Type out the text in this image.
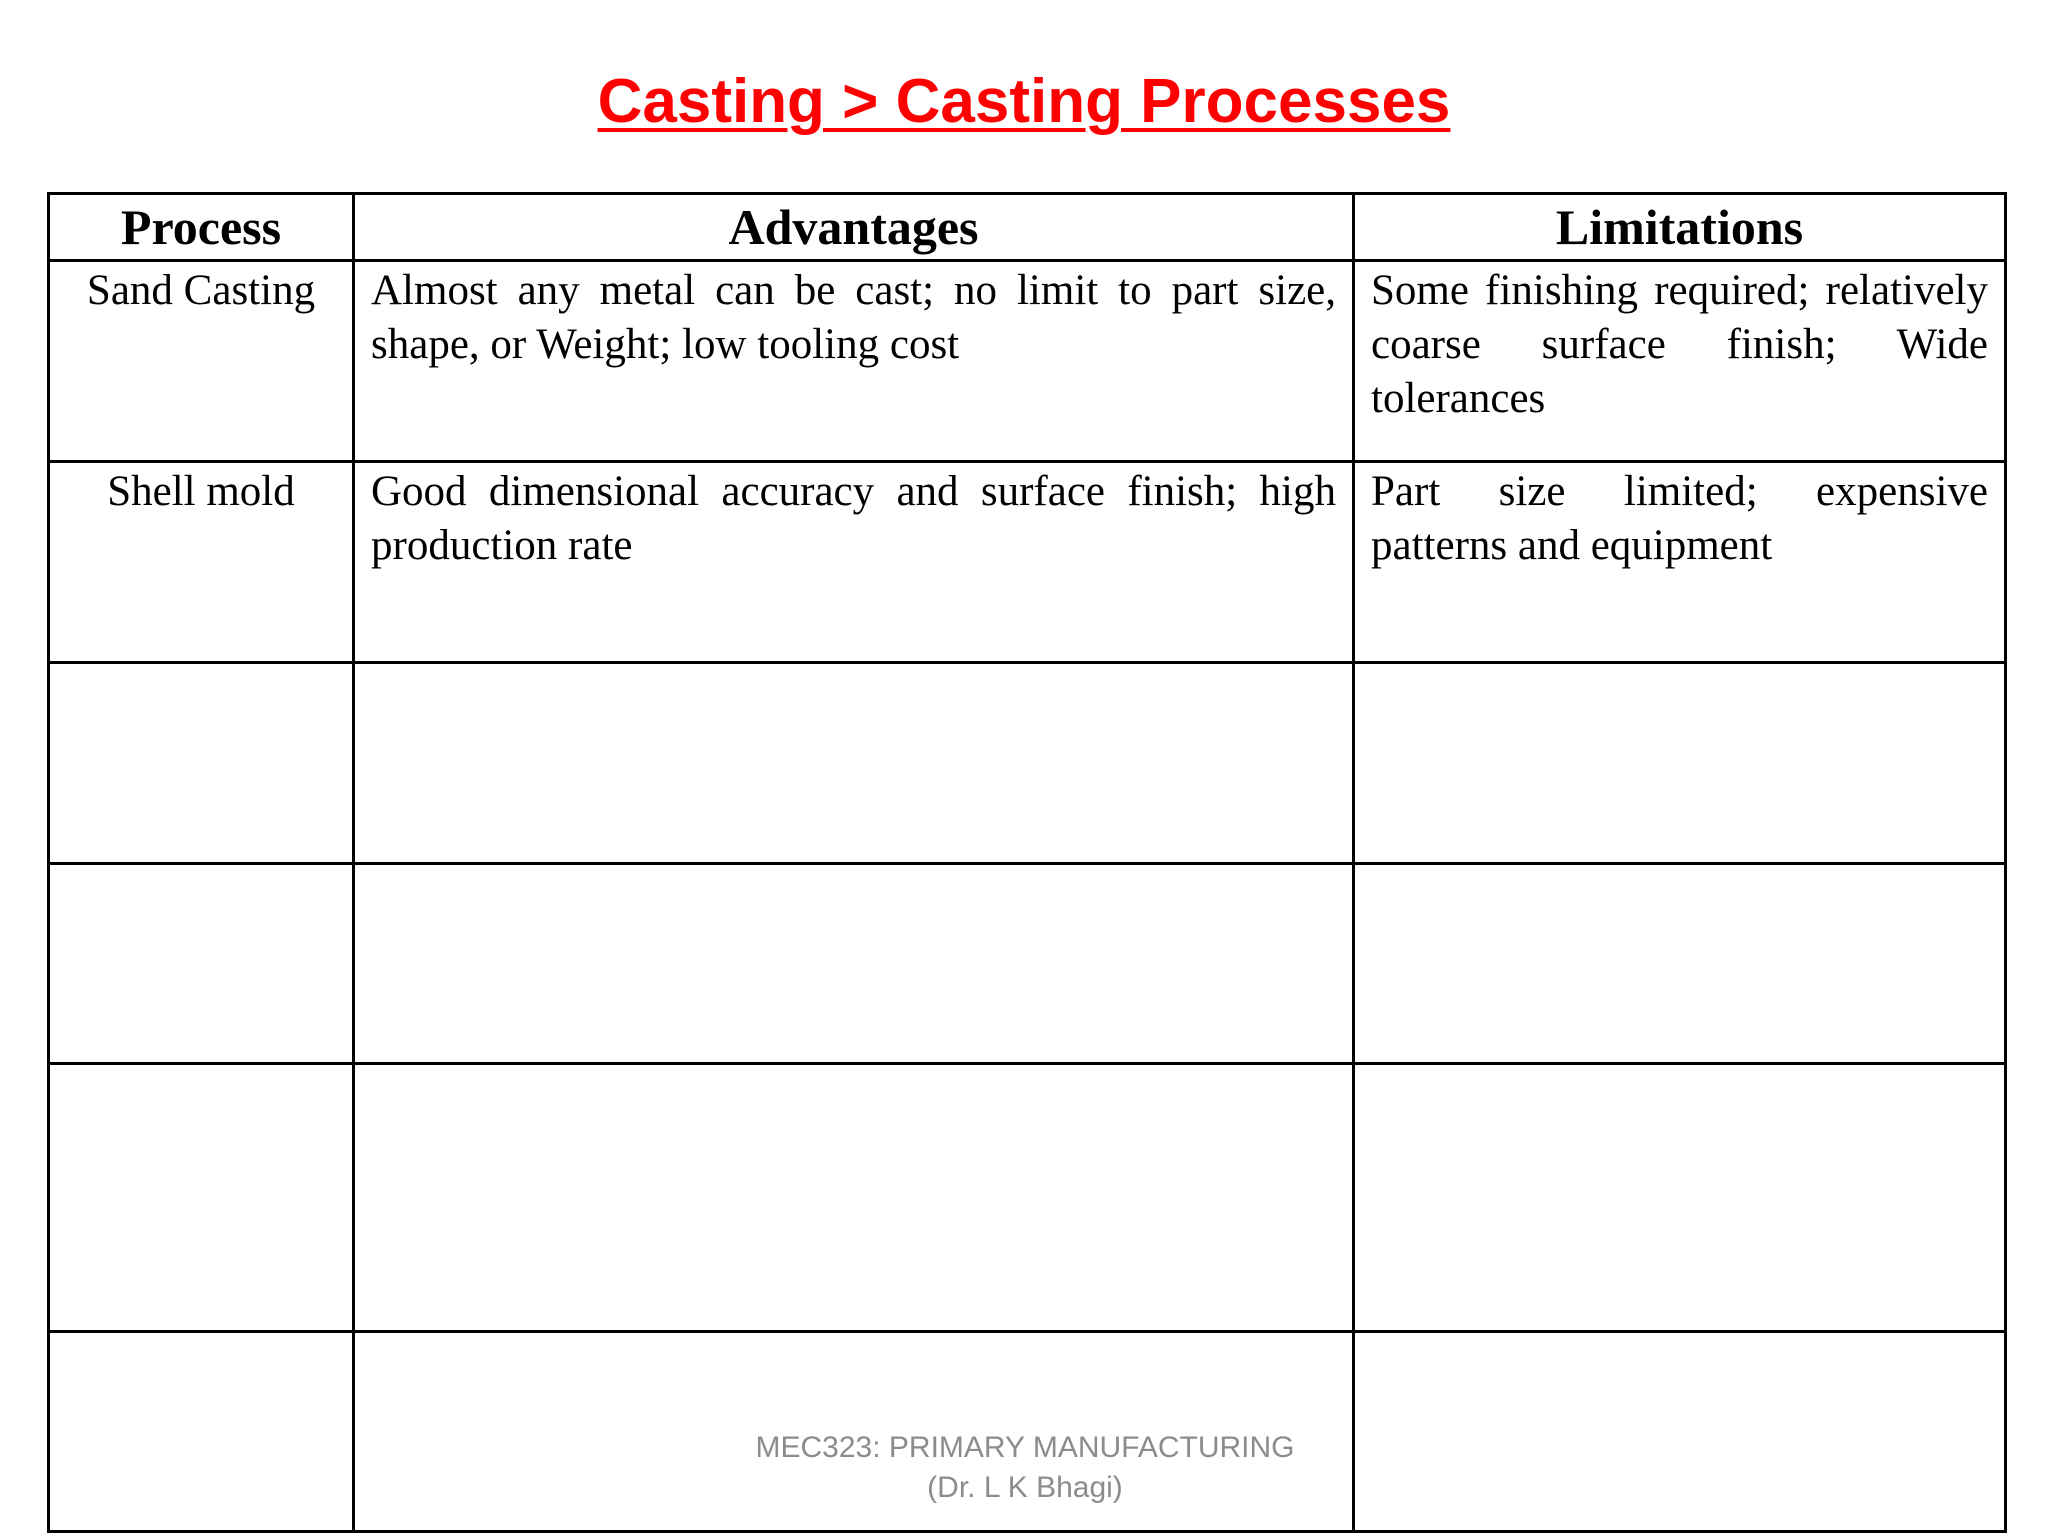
Casting > Casting Processes
Process	Advantages	Limitations
Sand Casting	Almost any metal can be cast; no limit to part size, shape, or Weight; low tooling cost	Some finishing required; relatively coarse surface finish; Wide tolerances
Shell mold	Good dimensional accuracy and surface finish; high production rate	Part size limited; expensive patterns and equipment

MEC323: PRIMARY MANUFACTURING
(Dr. L K Bhagi)
